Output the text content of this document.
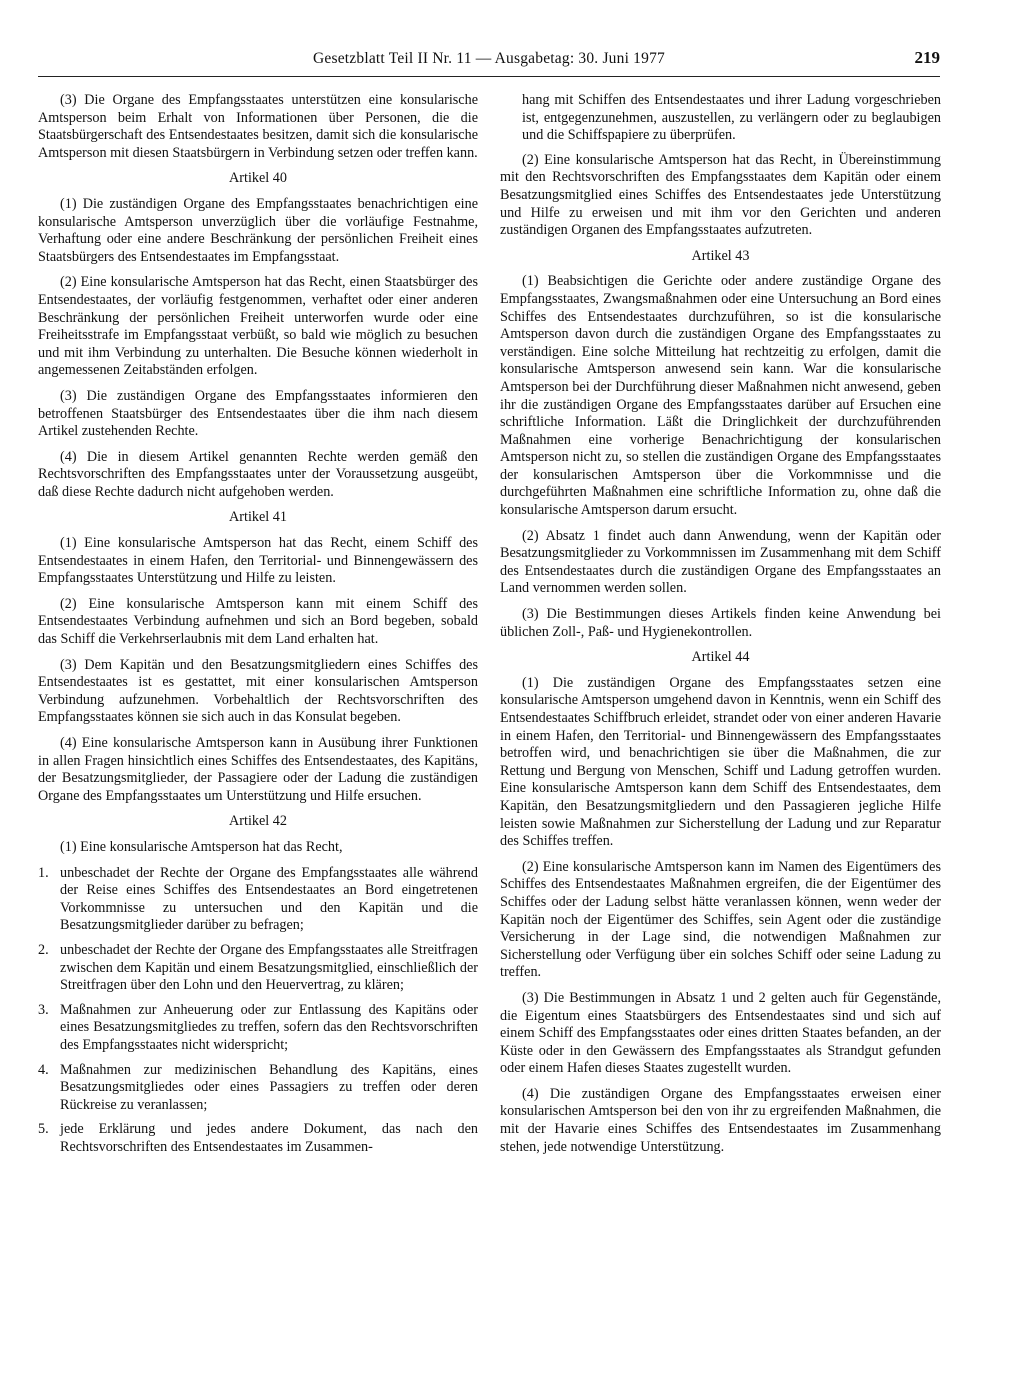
Gesetzblatt Teil II Nr. 11 — Ausgabetag: 30. Juni 1977	219

(3) Die Organe des Empfangsstaates unterstützen eine konsularische Amtsperson beim Erhalt von Informationen über Personen, die die Staatsbürgerschaft des Entsendestaates besitzen, damit sich die konsularische Amtsperson mit diesen Staatsbürgern in Verbindung setzen oder treffen kann.

Artikel 40

(1) Die zuständigen Organe des Empfangsstaates benachrichtigen eine konsularische Amtsperson unverzüglich über die vorläufige Festnahme, Verhaftung oder eine andere Beschränkung der persönlichen Freiheit eines Staatsbürgers des Entsendestaates im Empfangsstaat.

(2) Eine konsularische Amtsperson hat das Recht, einen Staatsbürger des Entsendestaates, der vorläufig festgenommen, verhaftet oder einer anderen Beschränkung der persönlichen Freiheit unterworfen wurde oder eine Freiheitsstrafe im Empfangsstaat verbüßt, so bald wie möglich zu besuchen und mit ihm Verbindung zu unterhalten. Die Besuche können wiederholt in angemessenen Zeitabständen erfolgen.

(3) Die zuständigen Organe des Empfangsstaates informieren den betroffenen Staatsbürger des Entsendestaates über die ihm nach diesem Artikel zustehenden Rechte.

(4) Die in diesem Artikel genannten Rechte werden gemäß den Rechtsvorschriften des Empfangsstaates unter der Voraussetzung ausgeübt, daß diese Rechte dadurch nicht aufgehoben werden.

Artikel 41

(1) Eine konsularische Amtsperson hat das Recht, einem Schiff des Entsendestaates in einem Hafen, den Territorial- und Binnengewässern des Empfangsstaates Unterstützung und Hilfe zu leisten.

(2) Eine konsularische Amtsperson kann mit einem Schiff des Entsendestaates Verbindung aufnehmen und sich an Bord begeben, sobald das Schiff die Verkehrserlaubnis mit dem Land erhalten hat.

(3) Dem Kapitän und den Besatzungsmitgliedern eines Schiffes des Entsendestaates ist es gestattet, mit einer konsularischen Amtsperson Verbindung aufzunehmen. Vorbehaltlich der Rechtsvorschriften des Empfangsstaates können sie sich auch in das Konsulat begeben.

(4) Eine konsularische Amtsperson kann in Ausübung ihrer Funktionen in allen Fragen hinsichtlich eines Schiffes des Entsendestaates, des Kapitäns, der Besatzungsmitglieder, der Passagiere oder der Ladung die zuständigen Organe des Empfangsstaates um Unterstützung und Hilfe ersuchen.

Artikel 42

(1) Eine konsularische Amtsperson hat das Recht,

1. unbeschadet der Rechte der Organe des Empfangsstaates alle während der Reise eines Schiffes des Entsendestaates an Bord eingetretenen Vorkommnisse zu untersuchen und den Kapitän und die Besatzungsmitglieder darüber zu befragen;
2. unbeschadet der Rechte der Organe des Empfangsstaates alle Streitfragen zwischen dem Kapitän und einem Besatzungsmitglied, einschließlich der Streitfragen über den Lohn und den Heuervertrag, zu klären;
3. Maßnahmen zur Anheuerung oder zur Entlassung des Kapitäns oder eines Besatzungsmitgliedes zu treffen, sofern das den Rechtsvorschriften des Empfangsstaates nicht widerspricht;
4. Maßnahmen zur medizinischen Behandlung des Kapitäns, eines Besatzungsmitgliedes oder eines Passagiers zu treffen oder deren Rückreise zu veranlassen;
5. jede Erklärung und jedes andere Dokument, das nach den Rechtsvorschriften des Entsendestaates im Zusammen-
hang mit Schiffen des Entsendestaates und ihrer Ladung vorgeschrieben ist, entgegenzunehmen, auszustellen, zu verlängern oder zu beglaubigen und die Schiffspapiere zu überprüfen.

(2) Eine konsularische Amtsperson hat das Recht, in Übereinstimmung mit den Rechtsvorschriften des Empfangsstaates dem Kapitän oder einem Besatzungsmitglied eines Schiffes des Entsendestaates jede Unterstützung und Hilfe zu erweisen und mit ihm vor den Gerichten und anderen zuständigen Organen des Empfangsstaates aufzutreten.

Artikel 43

(1) Beabsichtigen die Gerichte oder andere zuständige Organe des Empfangsstaates, Zwangsmaßnahmen oder eine Untersuchung an Bord eines Schiffes des Entsendestaates durchzuführen, so ist die konsularische Amtsperson davon durch die zuständigen Organe des Empfangsstaates zu verständigen. Eine solche Mitteilung hat rechtzeitig zu erfolgen, damit die konsularische Amtsperson anwesend sein kann. War die konsularische Amtsperson bei der Durchführung dieser Maßnahmen nicht anwesend, geben ihr die zuständigen Organe des Empfangsstaates darüber auf Ersuchen eine schriftliche Information. Läßt die Dringlichkeit der durchzuführenden Maßnahmen eine vorherige Benachrichtigung der konsularischen Amtsperson nicht zu, so stellen die zuständigen Organe des Empfangsstaates der konsularischen Amtsperson über die Vorkommnisse und die durchgeführten Maßnahmen eine schriftliche Information zu, ohne daß die konsularische Amtsperson darum ersucht.

(2) Absatz 1 findet auch dann Anwendung, wenn der Kapitän oder Besatzungsmitglieder zu Vorkommnissen im Zusammenhang mit dem Schiff des Entsendestaates durch die zuständigen Organe des Empfangsstaates an Land vernommen werden sollen.

(3) Die Bestimmungen dieses Artikels finden keine Anwendung bei üblichen Zoll-, Paß- und Hygienekontrollen.

Artikel 44

(1) Die zuständigen Organe des Empfangsstaates setzen eine konsularische Amtsperson umgehend davon in Kenntnis, wenn ein Schiff des Entsendestaates Schiffbruch erleidet, strandet oder von einer anderen Havarie in einem Hafen, den Territorial- und Binnengewässern des Empfangsstaates betroffen wird, und benachrichtigen sie über die Maßnahmen, die zur Rettung und Bergung von Menschen, Schiff und Ladung getroffen wurden. Eine konsularische Amtsperson kann dem Schiff des Entsendestaates, dem Kapitän, den Besatzungsmitgliedern und den Passagieren jegliche Hilfe leisten sowie Maßnahmen zur Sicherstellung der Ladung und zur Reparatur des Schiffes treffen.

(2) Eine konsularische Amtsperson kann im Namen des Eigentümers des Schiffes des Entsendestaates Maßnahmen ergreifen, die der Eigentümer des Schiffes oder der Ladung selbst hätte veranlassen können, wenn weder der Kapitän noch der Eigentümer des Schiffes, sein Agent oder die zuständige Versicherung in der Lage sind, die notwendigen Maßnahmen zur Sicherstellung oder Verfügung über ein solches Schiff oder seine Ladung zu treffen.

(3) Die Bestimmungen in Absatz 1 und 2 gelten auch für Gegenstände, die Eigentum eines Staatsbürgers des Entsendestaates sind und sich auf einem Schiff des Empfangsstaates oder eines dritten Staates befanden, an der Küste oder in den Gewässern des Empfangsstaates als Strandgut gefunden oder einem Hafen dieses Staates zugestellt wurden.

(4) Die zuständigen Organe des Empfangsstaates erweisen einer konsularischen Amtsperson bei den von ihr zu ergreifenden Maßnahmen, die mit der Havarie eines Schiffes des Entsendestaates im Zusammenhang stehen, jede notwendige Unterstützung.
